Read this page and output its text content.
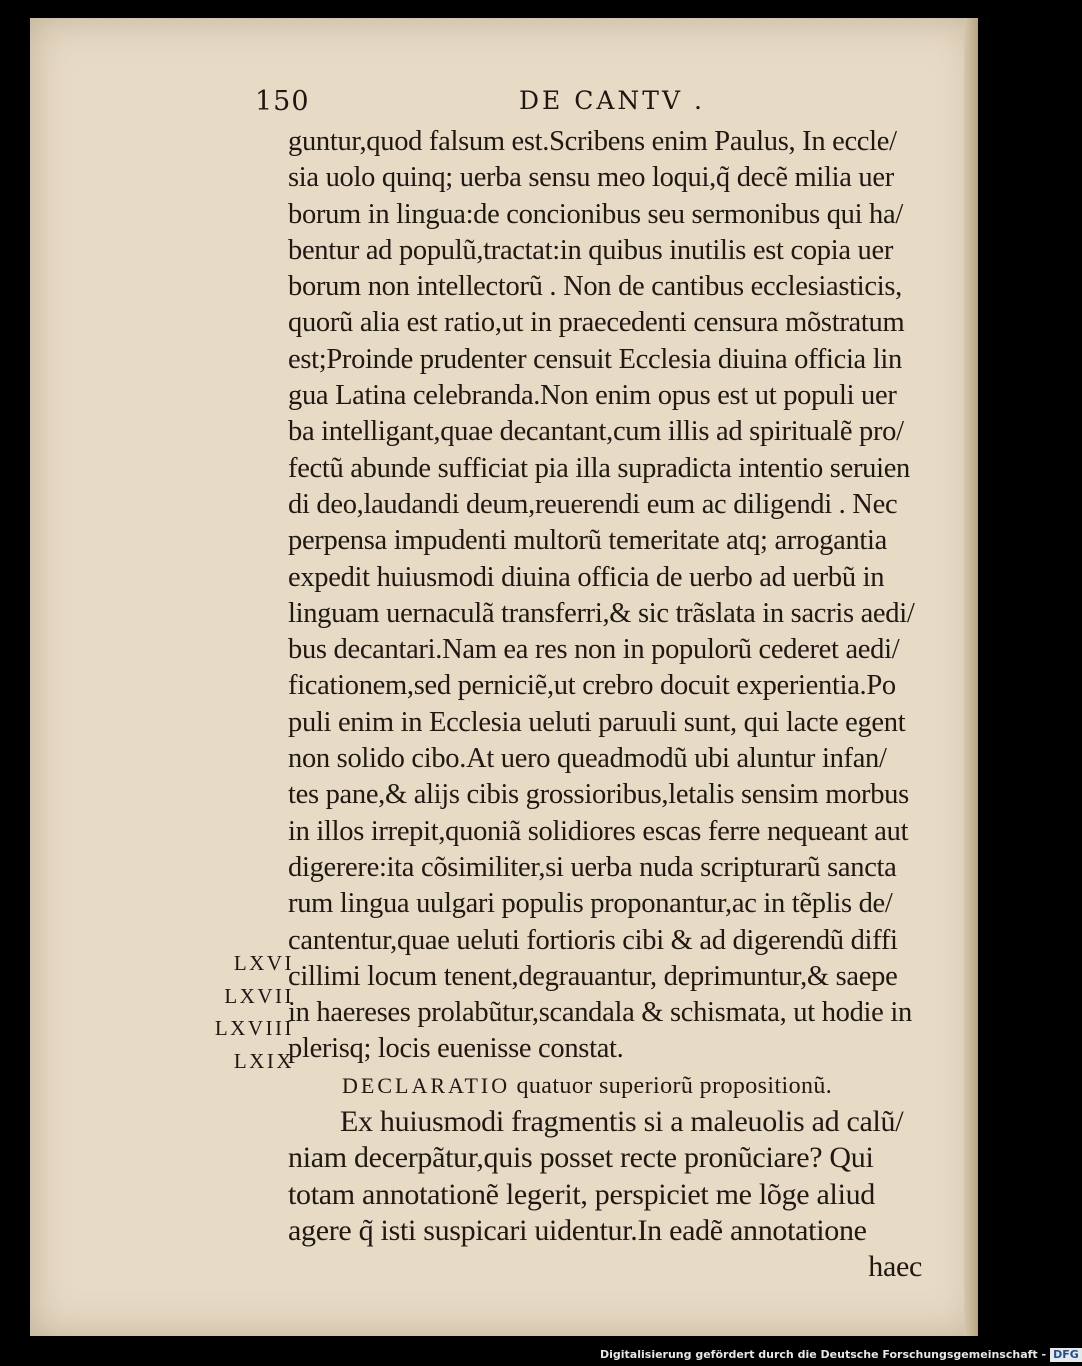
150	DE CANTV .
guntur,quod falsum est.Scribens enim Paulus, In eccle/
sia uolo quinq; uerba sensu meo loqui,q̃ decẽ milia uer
borum in lingua:de concionibus seu sermonibus qui ha/
bentur ad populũ,tractat:in quibus inutilis est copia uer
borum non intellectorũ . Non de cantibus ecclesiasticis,
quorũ alia est ratio,ut in praecedenti censura mõstratum
est;Proinde prudenter censuit Ecclesia diuina officia lin
gua Latina celebranda.Non enim opus est ut populi uer
ba intelligant,quae decantant,cum illis ad spiritualẽ pro/
fectũ abunde sufficiat pia illa supradicta intentio seruien
di deo,laudandi deum,reuerendi eum ac diligendi . Nec
perpensa impudenti multorũ temeritate atq; arrogantia
expedit huiusmodi diuina officia de uerbo ad uerbũ in
linguam uernaculã transferri,& sic trãslata in sacris aedi/
bus decantari.Nam ea res non in populorũ cederet aedi/
ficationem,sed perniciẽ,ut crebro docuit experientia.Po
puli enim in Ecclesia ueluti paruuli sunt, qui lacte egent
non solido cibo.At uero queadmodũ ubi aluntur infan/
tes pane,& alijs cibis grossioribus,letalis sensim morbus
in illos irrepit,quoniã solidiores escas ferre nequeant aut
digerere:ita cõsimiliter,si uerba nuda scripturarũ sancta
rum lingua uulgari populis proponantur,ac in tẽplis de/
cantentur,quae ueluti fortioris cibi & ad digerendũ diffi
cillimi locum tenent,degrauantur, deprimuntur,& saepe
in haereses prolabũtur,scandala & schismata, ut hodie in
plerisq; locis euenisse constat.
DECLARATIO quatuor superiorũ propositionũ.
Ex huiusmodi fragmentis si a maleuolis ad calũ/
niam decerpãtur,quis posset recte pronũciare? Qui
totam annotationẽ legerit, perspiciet me lõge aliud
agere q̃ isti suspicari uidentur.In eadẽ annotatione
haec
LXVI
LXVII
LXVIII
LXIX
Digitalisierung gefördert durch die Deutsche Forschungsgemeinschaft - DFG
